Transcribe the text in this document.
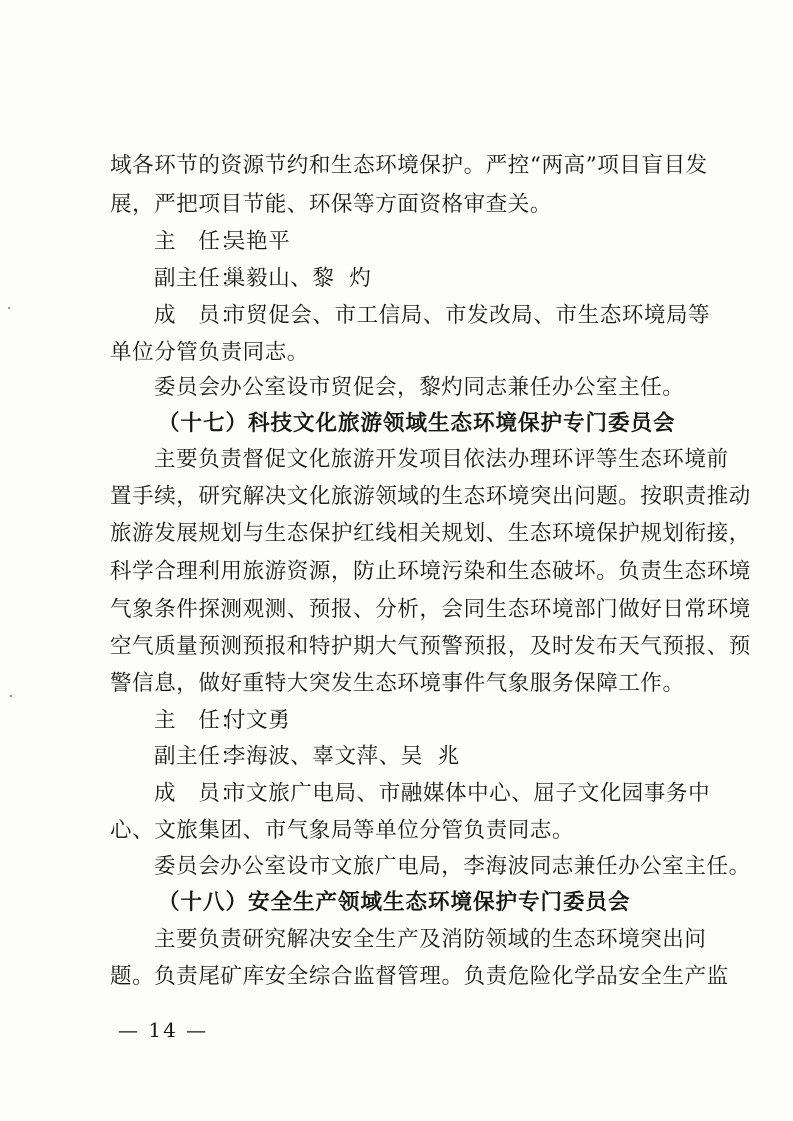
域各环节的资源节约和生态环境保护。严控“两高”项目盲目发
展，严把项目节能、环保等方面资格审查关。
主　任：吴艳平
副主任：巢毅山、黎  灼
成　员：市贸促会、市工信局、市发改局、市生态环境局等
单位分管负责同志。
委员会办公室设市贸促会，黎灼同志兼任办公室主任。
（十七）科技文化旅游领域生态环境保护专门委员会
主要负责督促文化旅游开发项目依法办理环评等生态环境前
置手续，研究解决文化旅游领域的生态环境突出问题。按职责推动
旅游发展规划与生态保护红线相关规划、生态环境保护规划衔接，
科学合理利用旅游资源，防止环境污染和生态破坏。负责生态环境
气象条件探测观测、预报、分析，会同生态环境部门做好日常环境
空气质量预测预报和特护期大气预警预报，及时发布天气预报、预
警信息，做好重特大突发生态环境事件气象服务保障工作。
主　任：付文勇
副主任：李海波、辜文萍、吴  兆
成　员：市文旅广电局、市融媒体中心、屈子文化园事务中
心、文旅集团、市气象局等单位分管负责同志。
委员会办公室设市文旅广电局，李海波同志兼任办公室主任。
（十八）安全生产领域生态环境保护专门委员会
主要负责研究解决安全生产及消防领域的生态环境突出问
题。负责尾矿库安全综合监督管理。负责危险化学品安全生产监
— 14 —
